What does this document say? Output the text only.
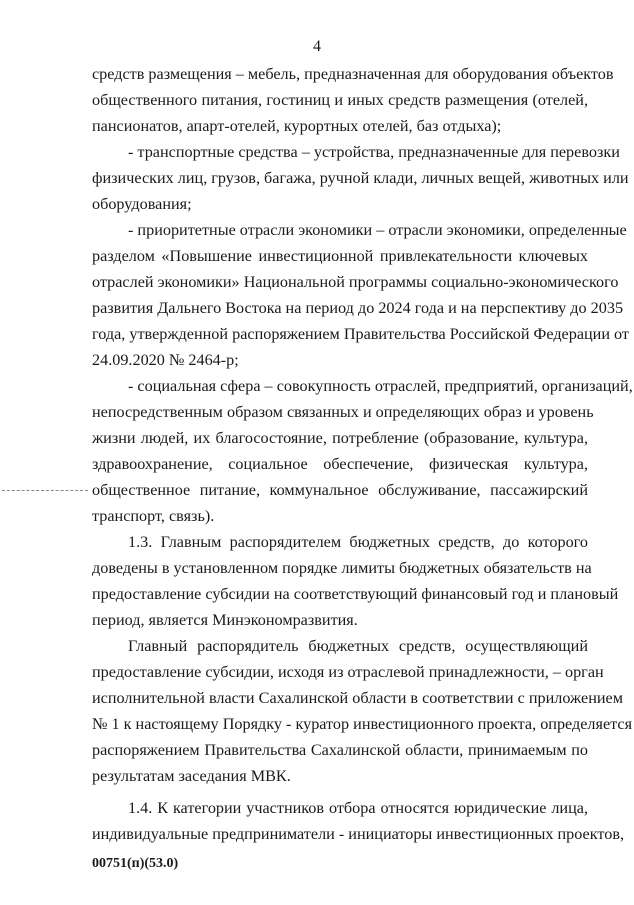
4
средств размещения – мебель, предназначенная для оборудования объектов
общественного питания, гостиниц и иных средств размещения (отелей,
пансионатов, апарт-отелей, курортных отелей, баз отдыха);
- транспортные средства – устройства, предназначенные для перевозки
физических лиц, грузов, багажа, ручной клади, личных вещей, животных или
оборудования;
- приоритетные отрасли экономики – отрасли экономики, определенные
разделом «Повышение инвестиционной привлекательности ключевых
отраслей экономики» Национальной программы социально-экономического
развития Дальнего Востока на период до 2024 года и на перспективу до 2035
года, утвержденной распоряжением Правительства Российской Федерации от
24.09.2020 № 2464-р;
- социальная сфера – совокупность отраслей, предприятий, организаций,
непосредственным образом связанных и определяющих образ и уровень
жизни людей, их благосостояние, потребление (образование, культура,
здравоохранение, социальное обеспечение, физическая культура,
общественное питание, коммунальное обслуживание, пассажирский
транспорт, связь).
1.3. Главным распорядителем бюджетных средств, до которого
доведены в установленном порядке лимиты бюджетных обязательств на
предоставление субсидии на соответствующий финансовый год и плановый
период, является Минэкономразвития.
Главный распорядитель бюджетных средств, осуществляющий
предоставление субсидии, исходя из отраслевой принадлежности, – орган
исполнительной власти Сахалинской области в соответствии с приложением
№ 1 к настоящему Порядку - куратор инвестиционного проекта, определяется
распоряжением Правительства Сахалинской области, принимаемым по
результатам заседания МВК.
1.4. К категории участников отбора относятся юридические лица,
индивидуальные предприниматели - инициаторы инвестиционных проектов,
00751(п)(53.0)
